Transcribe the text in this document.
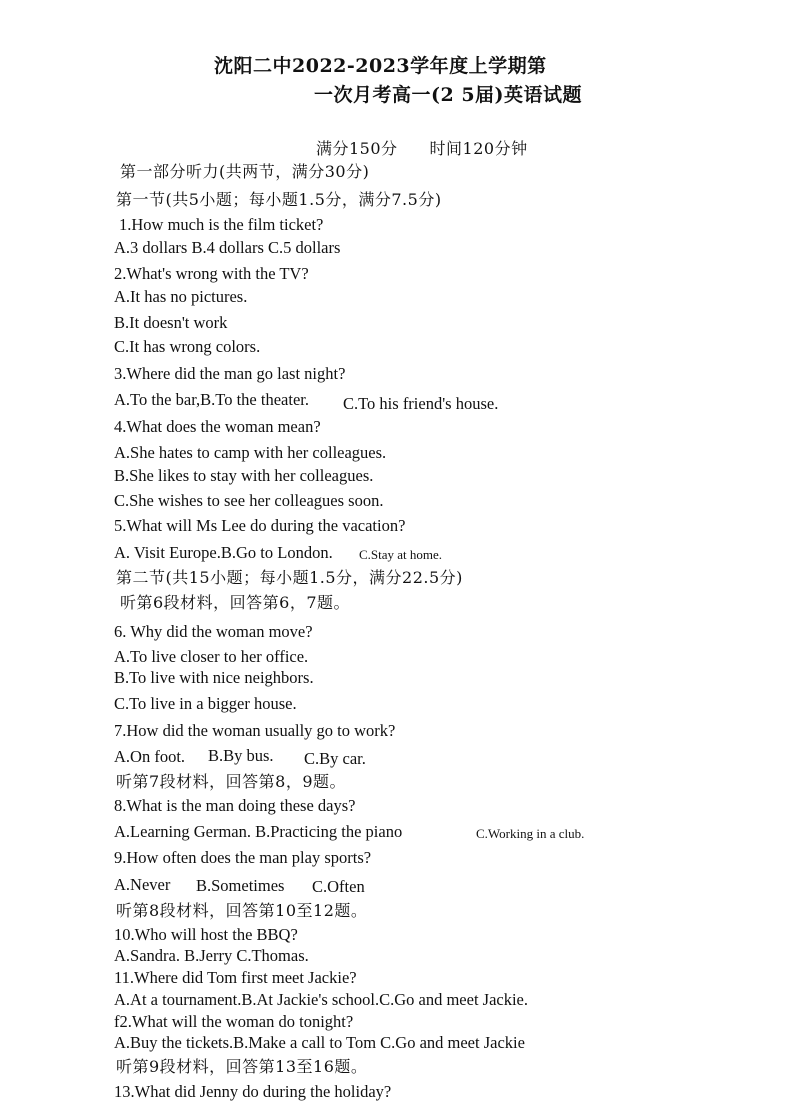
沈阳二中2022-2023学年度上学期第
一次月考高一(2 5届)英语试题
满分150分 时间120分钟
第一部分听力(共两节，满分30分)
第一节(共5小题；每小题1.5分，满分7.5分)
1.How much is the film ticket?
A.3 dollars B.4 dollars C.5 dollars
2.What's wrong with the TV?
A.It has no pictures.
B.It doesn't work
C.It has wrong colors.
3.Where did the man go last night?
A.To the bar,B.To the theater. C.To his friend's house.
4.What does the woman mean?
A.She hates to camp with her colleagues.
B.She likes to stay with her colleagues.
C.She wishes to see her colleagues soon.
5.What will Ms Lee do during the vacation?
A. Visit Europe.B.Go to London. C.Stay at home.
第二节(共15小题；每小题1.5分，满分22.5分)
听第6段材料，回答第6，7题。
6. Why did the woman move?
A.To live closer to her office.
B.To live with nice neighbors.
C.To live in a bigger house.
7.How did the woman usually go to work?
A.On foot. B.By bus. C.By car.
听第7段材料，回答第8，9题。
8.What is the man doing these days?
A.Learning German. B.Practicing the piano	C.Working in a club.
9.How often does the man play sports?
A.Never B.Sometimes C.Often
听第8段材料，回答第10至12题。
10.Who will host the BBQ?
A.Sandra. B.Jerry C.Thomas.
11.Where did Tom first meet Jackie?
A.At a tournament.B.At Jackie's school.C.Go and meet Jackie.
f2.What will the woman do tonight?
A.Buy the tickets.B.Make a call to Tom C.Go and meet Jackie
听第9段材料，回答第13至16题。
13.What did Jenny do during the holiday?
